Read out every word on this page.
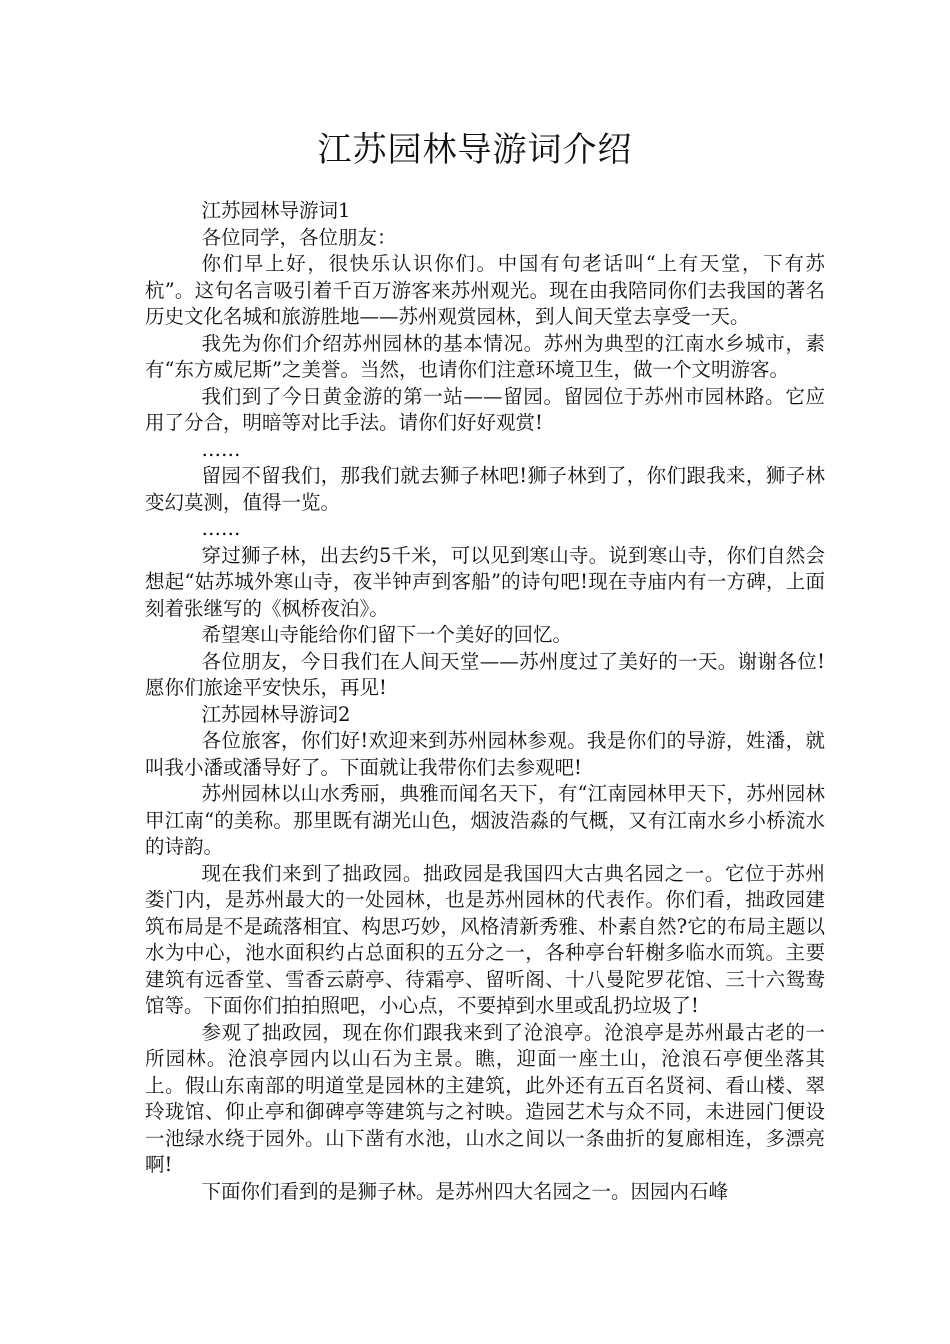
江苏园林导游词介绍

江苏园林导游词1

各位同学，各位朋友：

你们早上好，很快乐认识你们。中国有句老话叫“上有天堂，下有苏杭”。这句名言吸引着千百万游客来苏州观光。现在由我陪同你们去我国的著名历史文化名城和旅游胜地——苏州观赏园林，到人间天堂去享受一天。

我先为你们介绍苏州园林的基本情况。苏州为典型的江南水乡城市，素有“东方威尼斯”之美誉。当然，也请你们注意环境卫生，做一个文明游客。

我们到了今日黄金游的第一站——留园。留园位于苏州市园林路。它应用了分合，明暗等对比手法。请你们好好观赏!

……

留园不留我们，那我们就去狮子林吧!狮子林到了，你们跟我来，狮子林变幻莫测，值得一览。

……

穿过狮子林，出去约5千米，可以见到寒山寺。说到寒山寺，你们自然会想起“姑苏城外寒山寺，夜半钟声到客船”的诗句吧!现在寺庙内有一方碑，上面刻着张继写的《枫桥夜泊》。

希望寒山寺能给你们留下一个美好的回忆。

各位朋友，今日我们在人间天堂——苏州度过了美好的一天。谢谢各位!愿你们旅途平安快乐，再见!

江苏园林导游词2

各位旅客，你们好!欢迎来到苏州园林参观。我是你们的导游，姓潘，就叫我小潘或潘导好了。下面就让我带你们去参观吧!

苏州园林以山水秀丽，典雅而闻名天下，有“江南园林甲天下，苏州园林甲江南“的美称。那里既有湖光山色，烟波浩淼的气概，又有江南水乡小桥流水的诗韵。

现在我们来到了拙政园。拙政园是我国四大古典名园之一。它位于苏州娄门内，是苏州最大的一处园林，也是苏州园林的代表作。你们看，拙政园建筑布局是不是疏落相宜、构思巧妙，风格清新秀雅、朴素自然?它的布局主题以水为中心，池水面积约占总面积的五分之一，各种亭台轩榭多临水而筑。主要建筑有远香堂、雪香云蔚亭、待霜亭、留听阁、十八曼陀罗花馆、三十六鸳鸯馆等。下面你们拍拍照吧，小心点，不要掉到水里或乱扔垃圾了!

参观了拙政园，现在你们跟我来到了沧浪亭。沧浪亭是苏州最古老的一所园林。沧浪亭园内以山石为主景。瞧，迎面一座土山，沧浪石亭便坐落其上。假山东南部的明道堂是园林的主建筑，此外还有五百名贤祠、看山楼、翠玲珑馆、仰止亭和御碑亭等建筑与之衬映。造园艺术与众不同，未进园门便设一池绿水绕于园外。山下凿有水池，山水之间以一条曲折的复廊相连，多漂亮啊!

下面你们看到的是狮子林。是苏州四大名园之一。因园内石峰
